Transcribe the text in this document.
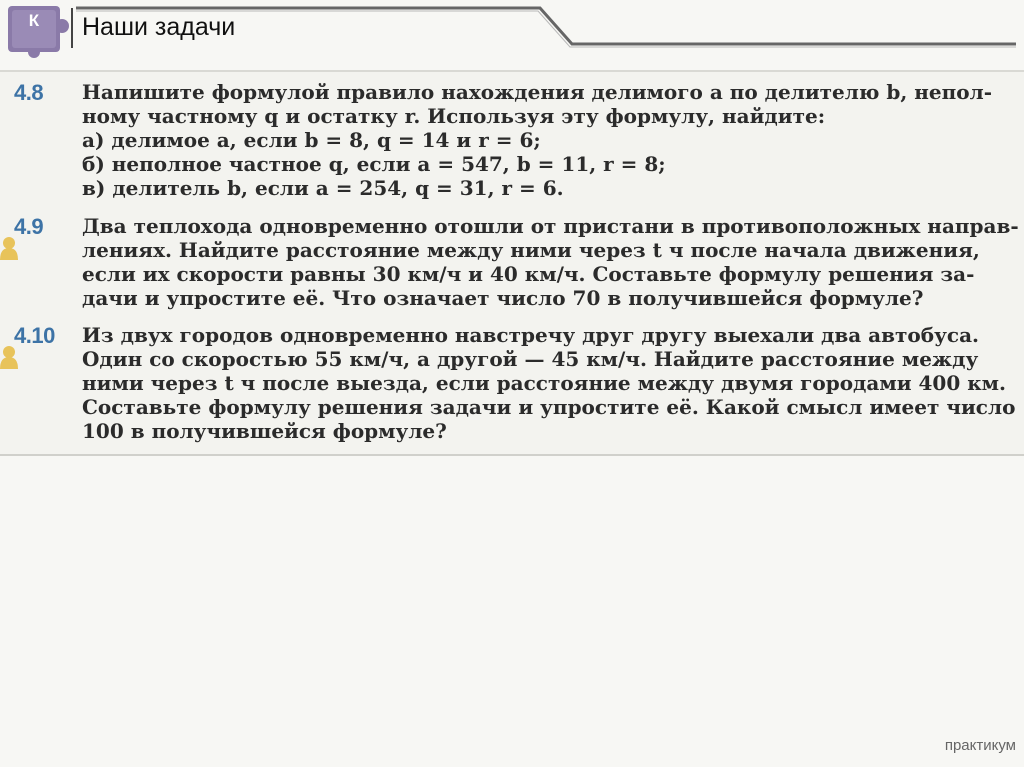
К Наши задачи
4.8 Напишите формулой правило нахождения делимого a по делителю b, непол-
ному частному q и остатку r. Используя эту формулу, найдите:
а) делимое a, если b = 8, q = 14 и r = 6;
б) неполное частное q, если a = 547, b = 11, r = 8;
в) делитель b, если a = 254, q = 31, r = 6.
4.9 Два теплохода одновременно отошли от пристани в противоположных направ-
лениях. Найдите расстояние между ними через t ч после начала движения,
если их скорости равны 30 км/ч и 40 км/ч. Составьте формулу решения за-
дачи и упростите её. Что означает число 70 в получившейся формуле?
4.10 Из двух городов одновременно навстречу друг другу выехали два автобуса.
Один со скоростью 55 км/ч, а другой — 45 км/ч. Найдите расстояние между
ними через t ч после выезда, если расстояние между двумя городами 400 км.
Составьте формулу решения задачи и упростите её. Какой смысл имеет число
100 в получившейся формуле?
практикум
